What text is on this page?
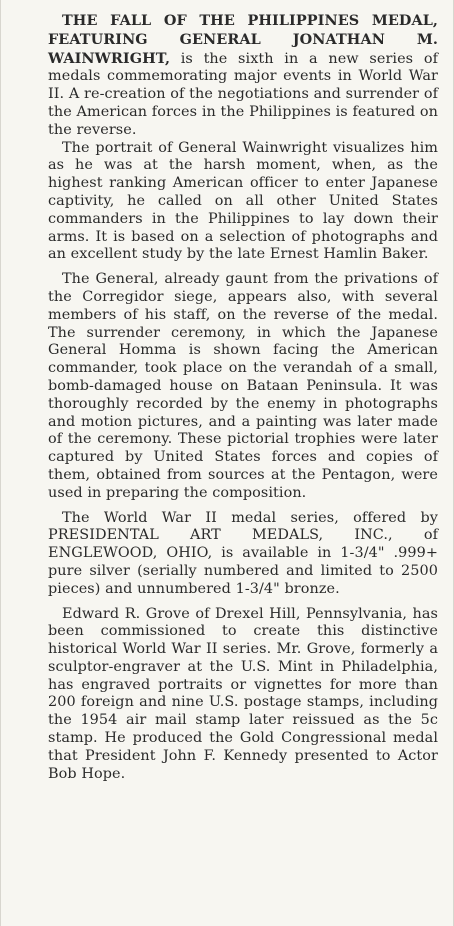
THE FALL OF THE PHILIPPINES MEDAL, FEATURING GENERAL JONATHAN M. WAINWRIGHT, is the sixth in a new series of medals commemorating major events in World War II. A re-creation of the negotiations and surrender of the American forces in the Philippines is featured on the reverse.

The portrait of General Wainwright visualizes him as he was at the harsh moment, when, as the highest ranking American officer to enter Japanese captivity, he called on all other United States commanders in the Philippines to lay down their arms. It is based on a selection of photographs and an excellent study by the late Ernest Hamlin Baker.

The General, already gaunt from the privations of the Corregidor siege, appears also, with several members of his staff, on the reverse of the medal. The surrender ceremony, in which the Japanese General Homma is shown facing the American commander, took place on the verandah of a small, bomb-damaged house on Bataan Peninsula. It was thoroughly recorded by the enemy in photographs and motion pictures, and a painting was later made of the ceremony. These pictorial trophies were later captured by United States forces and copies of them, obtained from sources at the Pentagon, were used in preparing the composition.

The World War II medal series, offered by PRESIDENTAL ART MEDALS, INC., of ENGLEWOOD, OHIO, is available in 1-3/4" .999+ pure silver (serially numbered and limited to 2500 pieces) and unnumbered 1-3/4" bronze.

Edward R. Grove of Drexel Hill, Pennsylvania, has been commissioned to create this distinctive historical World War II series. Mr. Grove, formerly a sculptor-engraver at the U.S. Mint in Philadelphia, has engraved portraits or vignettes for more than 200 foreign and nine U.S. postage stamps, including the 1954 air mail stamp later reissued as the 5c stamp. He produced the Gold Congressional medal that President John F. Kennedy presented to Actor Bob Hope.
